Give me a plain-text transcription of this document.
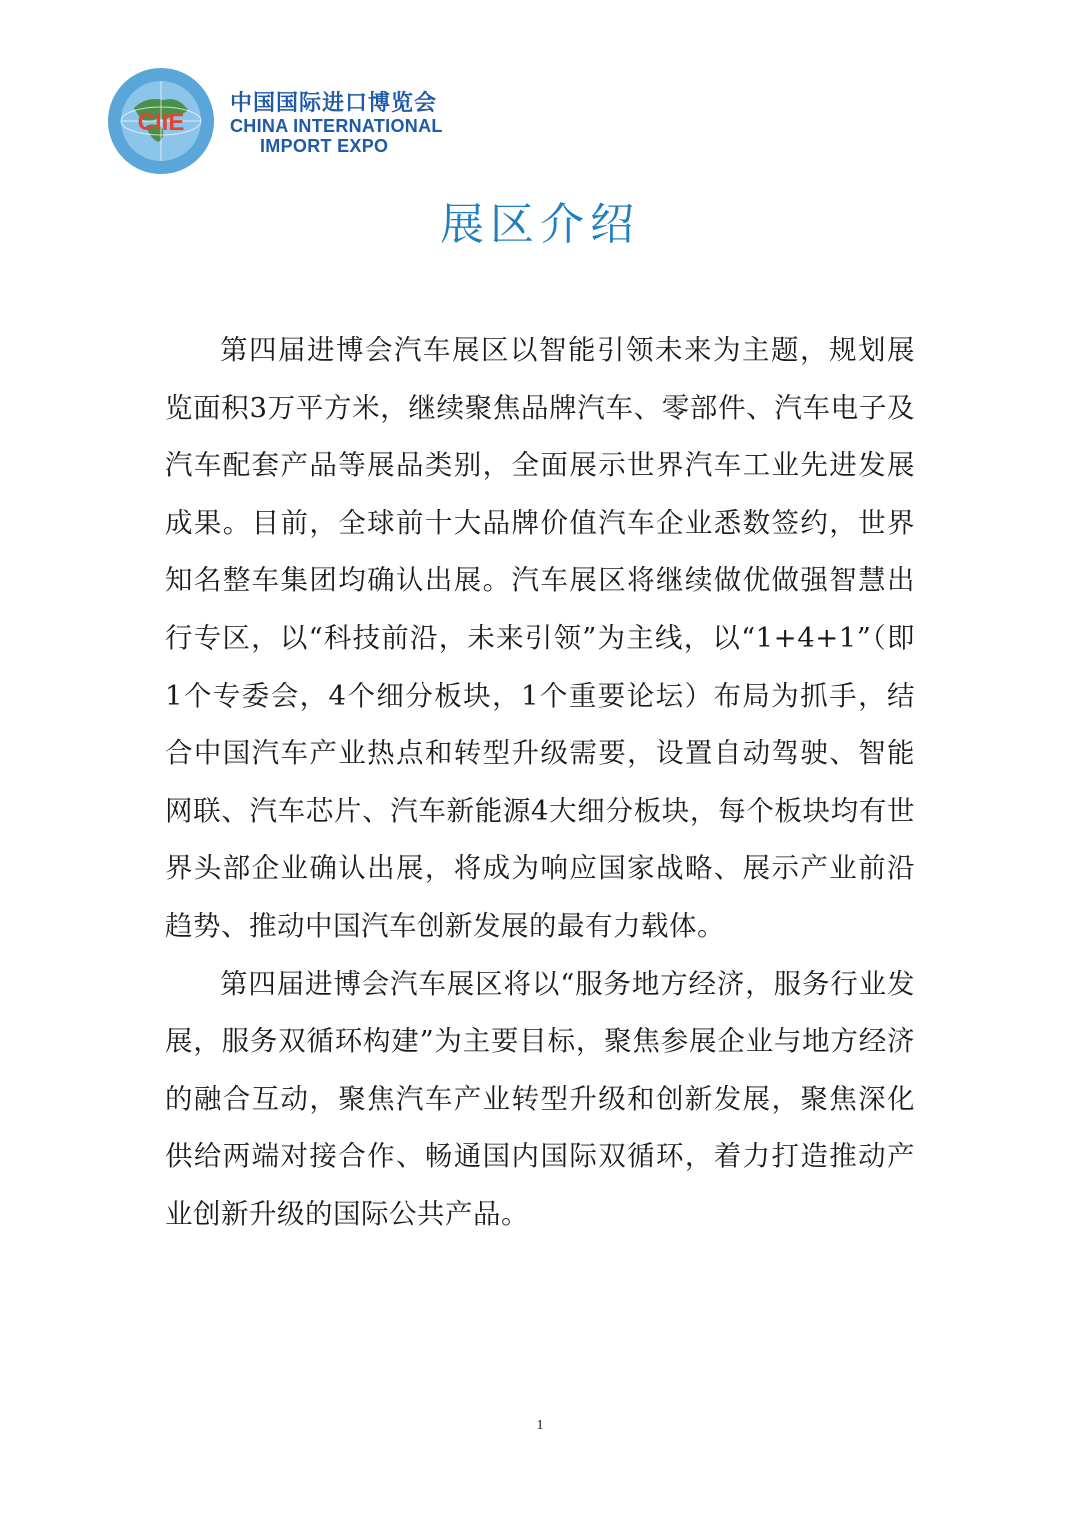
CIIE
中国国际进口博览会
CHINA INTERNATIONAL
IMPORT EXPO
展区介绍

第四届进博会汽车展区以智能引领未来为主题，规划展览面积3万平方米，继续聚焦品牌汽车、零部件、汽车电子及汽车配套产品等展品类别，全面展示世界汽车工业先进发展成果。目前，全球前十大品牌价值汽车企业悉数签约，世界知名整车集团均确认出展。汽车展区将继续做优做强智慧出行专区，以“科技前沿，未来引领”为主线，以“1+4+1”（即1个专委会，4个细分板块，1个重要论坛）布局为抓手，结合中国汽车产业热点和转型升级需要，设置自动驾驶、智能网联、汽车芯片、汽车新能源4大细分板块，每个板块均有世界头部企业确认出展，将成为响应国家战略、展示产业前沿趋势、推动中国汽车创新发展的最有力载体。

第四届进博会汽车展区将以“服务地方经济，服务行业发展，服务双循环构建”为主要目标，聚焦参展企业与地方经济的融合互动，聚焦汽车产业转型升级和创新发展，聚焦深化供给两端对接合作、畅通国内国际双循环，着力打造推动产业创新升级的国际公共产品。

1
